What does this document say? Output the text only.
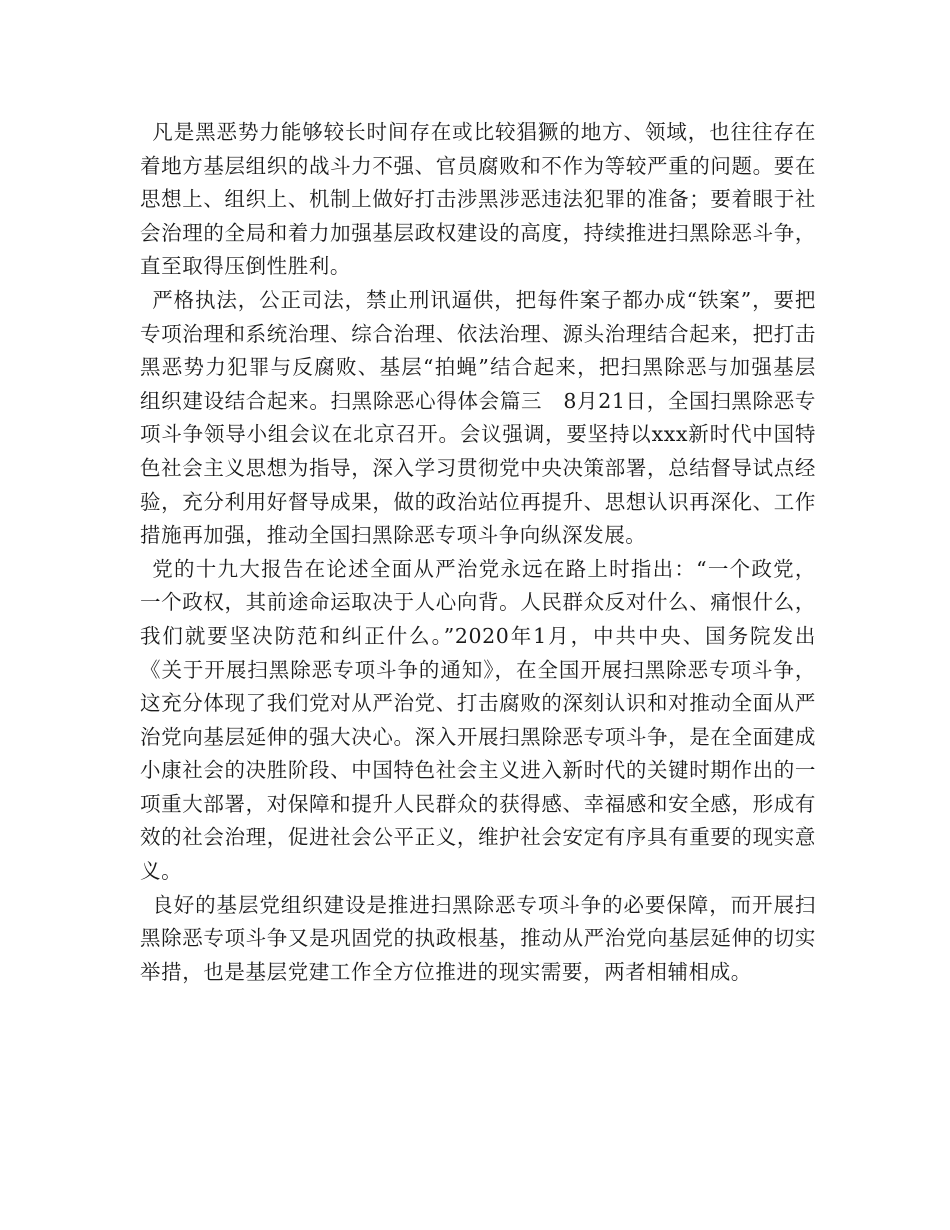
凡是黑恶势力能够较长时间存在或比较猖獗的地方、领域，也往往存在着地方基层组织的战斗力不强、官员腐败和不作为等较严重的问题。要在思想上、组织上、机制上做好打击涉黑涉恶违法犯罪的准备；要着眼于社会治理的全局和着力加强基层政权建设的高度，持续推进扫黑除恶斗争，直至取得压倒性胜利。

严格执法，公正司法，禁止刑讯逼供，把每件案子都办成“铁案”，要把专项治理和系统治理、综合治理、依法治理、源头治理结合起来，把打击黑恶势力犯罪与反腐败、基层“拍蝇”结合起来，把扫黑除恶与加强基层组织建设结合起来。扫黑除恶心得体会篇三　8月21日，全国扫黑除恶专项斗争领导小组会议在北京召开。会议强调，要坚持以xxx新时代中国特色社会主义思想为指导，深入学习贯彻党中央决策部署，总结督导试点经验，充分利用好督导成果，做的政治站位再提升、思想认识再深化、工作措施再加强，推动全国扫黑除恶专项斗争向纵深发展。

党的十九大报告在论述全面从严治党永远在路上时指出：“一个政党，一个政权，其前途命运取决于人心向背。人民群众反对什么、痛恨什么，我们就要坚决防范和纠正什么。”2020年1月，中共中央、国务院发出《关于开展扫黑除恶专项斗争的通知》，在全国开展扫黑除恶专项斗争，这充分体现了我们党对从严治党、打击腐败的深刻认识和对推动全面从严治党向基层延伸的强大决心。深入开展扫黑除恶专项斗争，是在全面建成小康社会的决胜阶段、中国特色社会主义进入新时代的关键时期作出的一项重大部署，对保障和提升人民群众的获得感、幸福感和安全感，形成有效的社会治理，促进社会公平正义，维护社会安定有序具有重要的现实意义。

良好的基层党组织建设是推进扫黑除恶专项斗争的必要保障，而开展扫黑除恶专项斗争又是巩固党的执政根基，推动从严治党向基层延伸的切实举措，也是基层党建工作全方位推进的现实需要，两者相辅相成。
